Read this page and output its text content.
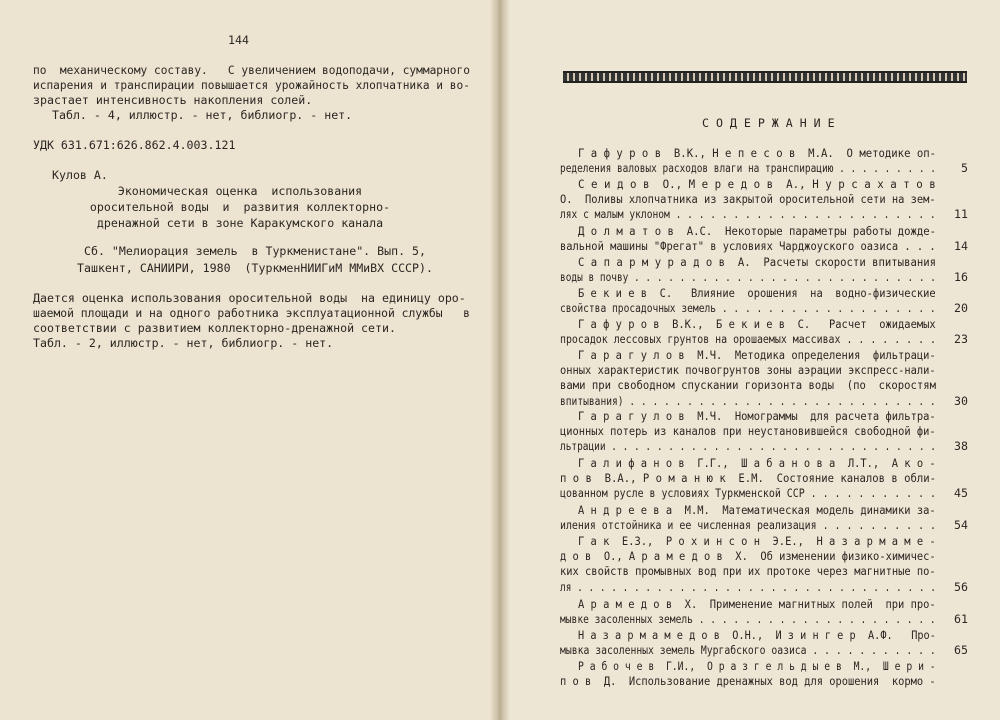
144
по  механическому составу.   С увеличением водоподачи, суммарного
испарения и транспирации повышается урожайность хлопчатника и во-
зрастает интенсивность накопления солей.
Табл. - 4, иллюстр. - нет, библиогр. - нет.
УДК 631.671:626.862.4.003.121
Кулов А.
Экономическая оценка  использования
оросительной воды  и  развития коллекторно-
дренажной сети в зоне Каракумского канала
Сб. "Мелиорация земель  в Туркменистане". Вып. 5,
Ташкент, САНИИРИ, 1980  (ТуркменНИИГиМ ММиВХ СССР).
Дается оценка использования оросительной воды  на единицу оро-
шаемой площади и на одного работника эксплуатационной службы   в
соответствии с развитием коллекторно-дренажной сети.
Табл. - 2, иллюстр. - нет, библиогр. - нет.
С О Д Е Р Ж А Н И Е
Г а ф у р о в  В.К., Н е п е с о в  М.А.  О методике оп-
ределения валовых расходов влаги на транспирацию . . . . . . . . .	5
С е и д о в  О., М е р е д о в  А., Н у р с а х а т о в
О.  Поливы хлопчатника из закрытой оросительной сети на зем-
лях с малым уклоном . . . . . . . . . . . . . . . . . . . . . . .	11
Д о л м а т о в  А.С.  Некоторые параметры работы дожде-
вальной машины "Фрегат" в условиях Чарджоуского оазиса . . .	14
С а п а р м у р а д о в  А.  Расчеты скорости впитывания
воды в почву . . . . . . . . . . . . . . . . . . . . . . . . . . .	16
Б е к и е в  С.   Влияние  орошения  на  водно-физические
свойства просадочных земель . . . . . . . . . . . . . . . . . . .	20
Г а ф у р о в  В.К.,  Б е к и е в  С.   Расчет  ожидаемых
просадок лессовых грунтов на орошаемых массивах . . . . . . . .	23
Г а р а г у л о в  М.Ч.  Методика определения  фильтраци-
онных характеристик почвогрунтов зоны аэрации экспресс-нали-
вами при свободном спускании горизонта воды  (по  скоростям
впитывания) . . . . . . . . . . . . . . . . . . . . . . . . . . .	30
Г а р а г у л о в  М.Ч.  Номограммы  для расчета фильтра-
ционных потерь из каналов при неустановившейся свободной фи-
льтрации . . . . . . . . . . . . . . . . . . . . . . . . . . . . .	38
Г а л и ф а н о в  Г.Г.,  Ш а б а н о в а  Л.Т.,  А к о -
п о в  В.А., Р о м а н ю к  Е.М.  Состояние каналов в обли-
цованном русле в условиях Туркменской ССР . . . . . . . . . . .	45
А н д р е е в а  М.М.  Математическая модель динамики за-
иления отстойника и ее численная реализация . . . . . . . . . .	54
Г а к  Е.З.,  Р о х и н с о н  Э.Е.,  Н а з а р м а м е -
д о в  О., А р а м е д о в  Х.  Об изменении физико-химичес-
ких свойств промывных вод при их протоке через магнитные по-
ля . . . . . . . . . . . . . . . . . . . . . . . . . . . . . . . .	56
А р а м е д о в  Х.  Применение магнитных полей  при про-
мывке засоленных земель . . . . . . . . . . . . . . . . . . . . .	61
Н а з а р м а м е д о в  О.Н.,  И з и н г е р  А.Ф.   Про-
мывка засоленных земель Мургабского оазиса . . . . . . . . . . .	65
Р а б о ч е в  Г.И.,  О р а з г е л ь д ы е в  М.,  Ш е р и -
п о в  Д.  Использование дренажных вод для орошения  кормо -
